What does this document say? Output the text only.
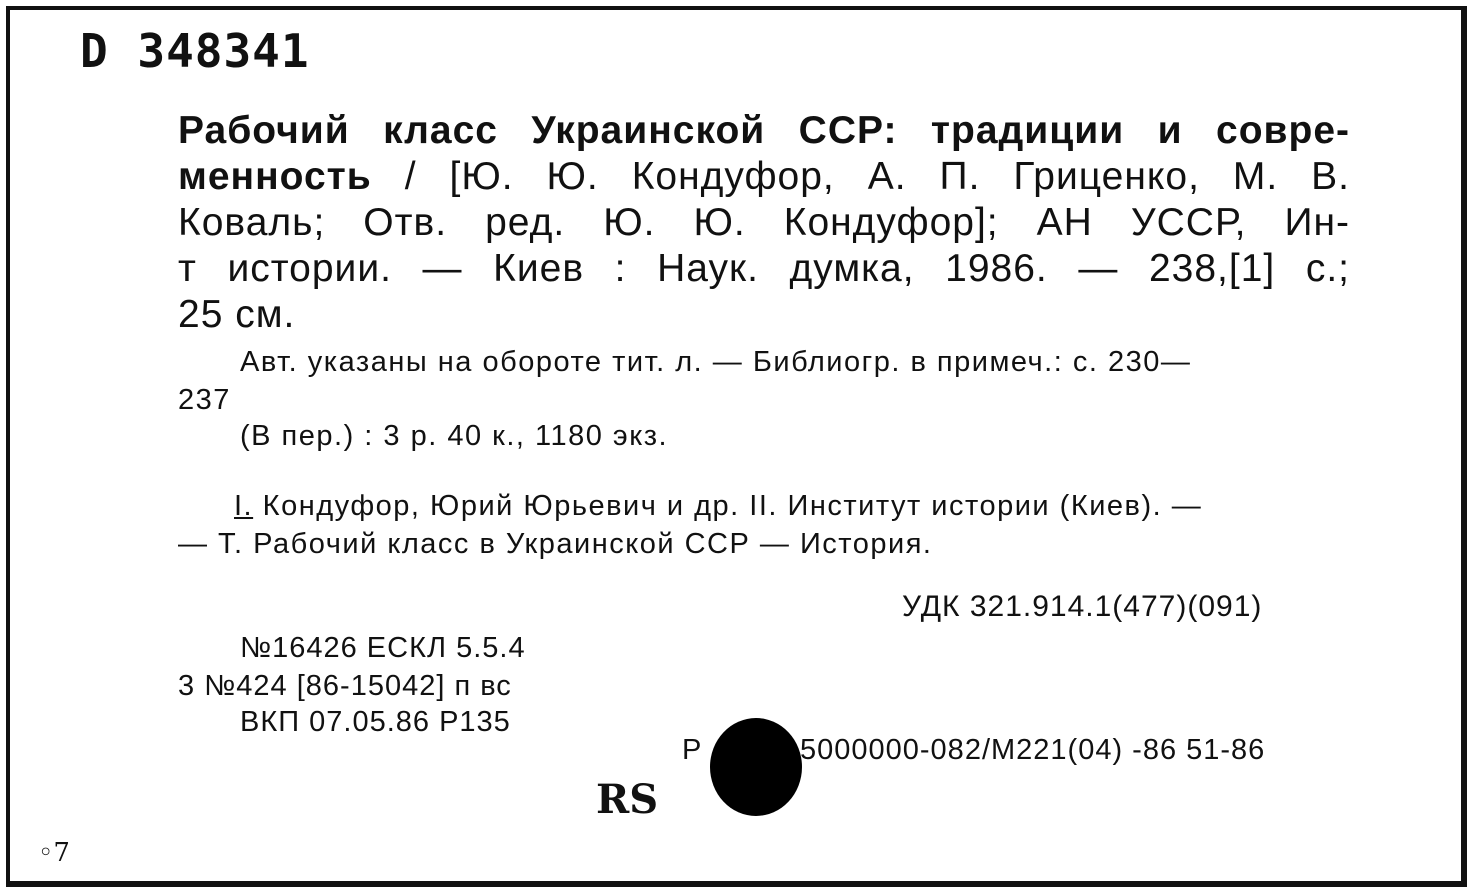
D 348341
Рабочий класс Украинской ССР: традиции и совре-
менность / [Ю. Ю. Кондуфор, А. П. Гриценко, М. В.
Коваль; Отв. ред. Ю. Ю. Кондуфор]; АН УССР, Ин-
т истории. — Киев : Наук. думка, 1986. — 238,[1] с.;
25 см.
Авт. указаны на обороте тит. л. — Библиогр. в примеч.: с. 230—
237
(В пер.) : 3 р. 40 к., 1180 экз.
I. Кондуфор, Юрий Юрьевич и др. II. Институт истории (Киев). —
— Т. Рабочий класс в Украинской ССР — История.
УДК 321.914.1(477)(091)
№16426 ЕСКЛ 5.5.4
3 №424 [86-15042] п вс
ВКП 07.05.86 Р135
Р	5000000-082/М221(04) -86 51-86
RS
◦7
